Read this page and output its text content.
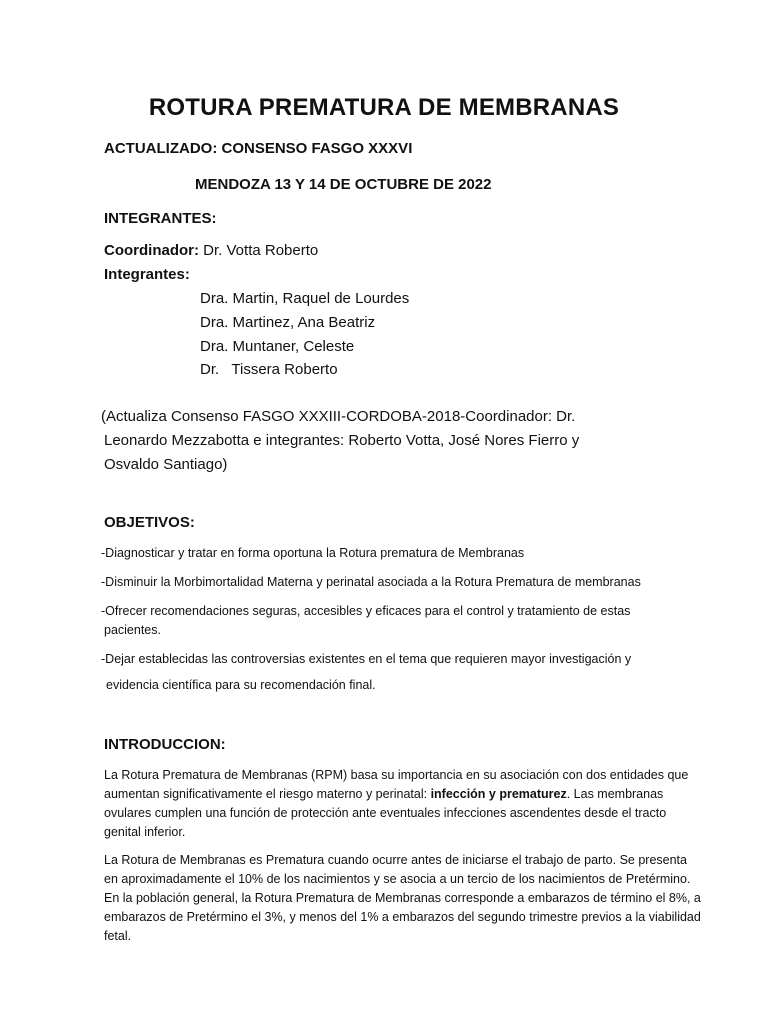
ROTURA PREMATURA DE MEMBRANAS
ACTUALIZADO: CONSENSO FASGO XXXVI
MENDOZA 13 Y 14 DE OCTUBRE DE 2022
INTEGRANTES:
Coordinador: Dr. Votta Roberto
Integrantes:
Dra. Martin, Raquel de Lourdes
Dra. Martinez, Ana Beatriz
Dra. Muntaner, Celeste
Dr.   Tissera Roberto
(Actualiza Consenso FASGO XXXIII-CORDOBA-2018-Coordinador: Dr.
Leonardo Mezzabotta e integrantes: Roberto Votta, José Nores Fierro y
Osvaldo Santiago)
OBJETIVOS:
-Diagnosticar y tratar en forma oportuna la Rotura prematura de Membranas
-Disminuir la Morbimortalidad Materna y perinatal asociada a la Rotura Prematura de membranas
-Ofrecer recomendaciones seguras, accesibles y eficaces para el control y tratamiento de estas
pacientes.
-Dejar establecidas las controversias existentes en el tema que requieren mayor investigación y
evidencia científica para su recomendación final.
INTRODUCCION:
La Rotura Prematura de Membranas (RPM) basa su importancia en su asociación con dos entidades que aumentan significativamente el riesgo materno y perinatal: infección y prematurez. Las membranas ovulares cumplen una función de protección ante eventuales infecciones ascendentes desde el tracto genital inferior.
La Rotura de Membranas es Prematura cuando ocurre antes de iniciarse el trabajo de parto. Se presenta en aproximadamente el 10% de los nacimientos y se asocia a un tercio de los nacimientos de Pretérmino. En la población general, la Rotura Prematura de Membranas corresponde a embarazos de término el 8%, a embarazos de Pretérmino el 3%, y menos del 1% a embarazos del segundo trimestre previos a la viabilidad fetal.
